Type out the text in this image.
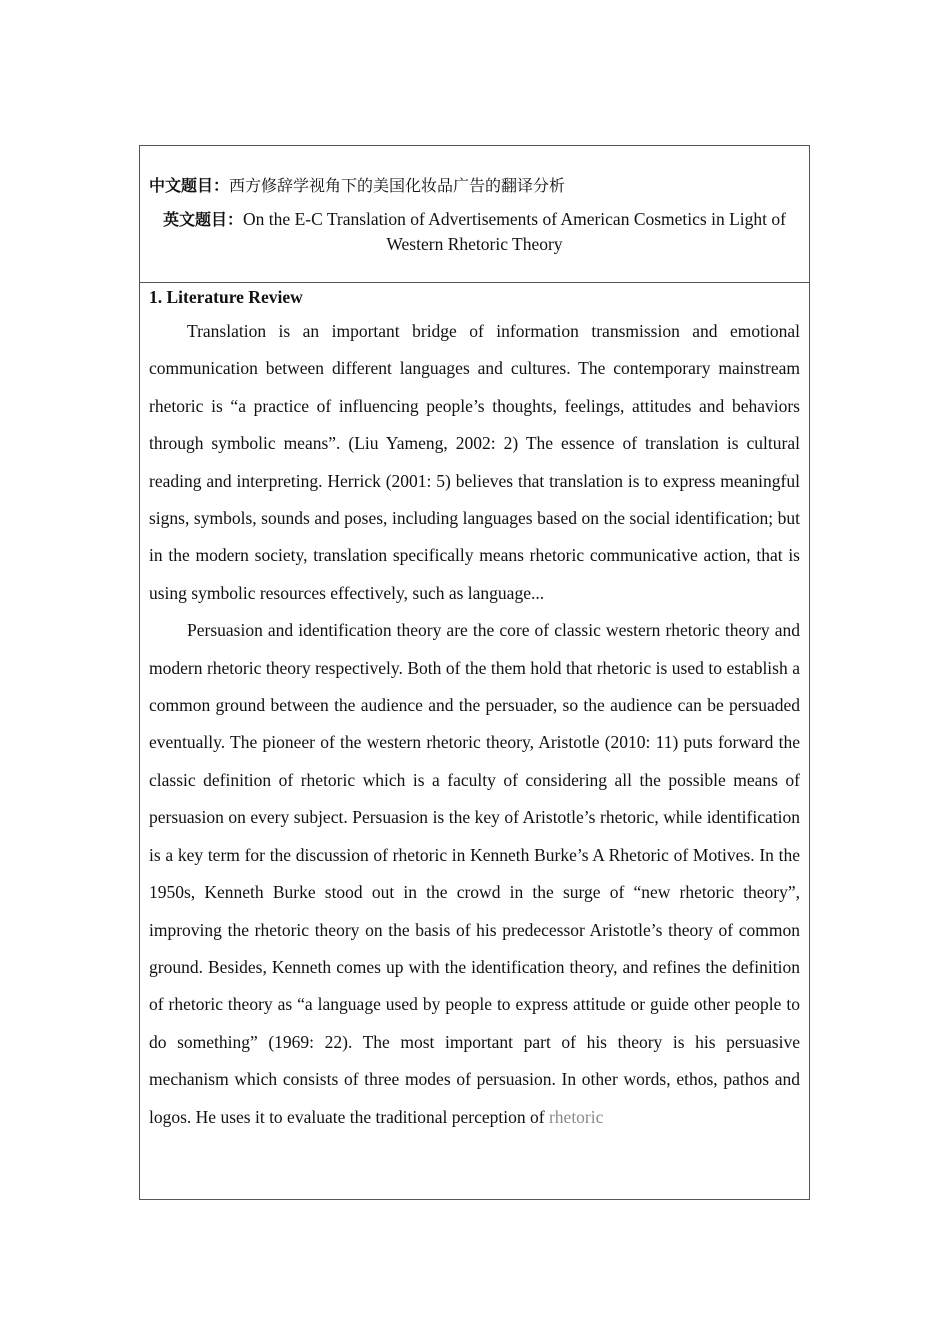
中文题目：西方修辞学视角下的美国化妆品广告的翻译分析
英文题目：On the E-C Translation of Advertisements of American Cosmetics in Light of Western Rhetoric Theory
1. Literature Review

Translation is an important bridge of information transmission and emotional communication between different languages and cultures. The contemporary mainstream rhetoric is “a practice of influencing people’s thoughts, feelings, attitudes and behaviors through symbolic means”. (Liu Yameng, 2002: 2) The essence of translation is cultural reading and interpreting. Herrick (2001: 5) believes that translation is to express meaningful signs, symbols, sounds and poses, including languages based on the social identification; but in the modern society, translation specifically means rhetoric communicative action, that is using symbolic resources effectively, such as language...

Persuasion and identification theory are the core of classic western rhetoric theory and modern rhetoric theory respectively. Both of the them hold that rhetoric is used to establish a common ground between the audience and the persuader, so the audience can be persuaded eventually. The pioneer of the western rhetoric theory, Aristotle (2010: 11) puts forward the classic definition of rhetoric which is a faculty of considering all the possible means of persuasion on every subject. Persuasion is the key of Aristotle’s rhetoric, while identification is a key term for the discussion of rhetoric in Kenneth Burke’s A Rhetoric of Motives. In the 1950s, Kenneth Burke stood out in the crowd in the surge of “new rhetoric theory”, improving the rhetoric theory on the basis of his predecessor Aristotle’s theory of common ground. Besides, Kenneth comes up with the identification theory, and refines the definition of rhetoric theory as “a language used by people to express attitude or guide other people to do something” (1969: 22). The most important part of his theory is his persuasive mechanism which consists of three modes of persuasion. In other words, ethos, pathos and logos. He uses it to evaluate the traditional perception of rhetoric
